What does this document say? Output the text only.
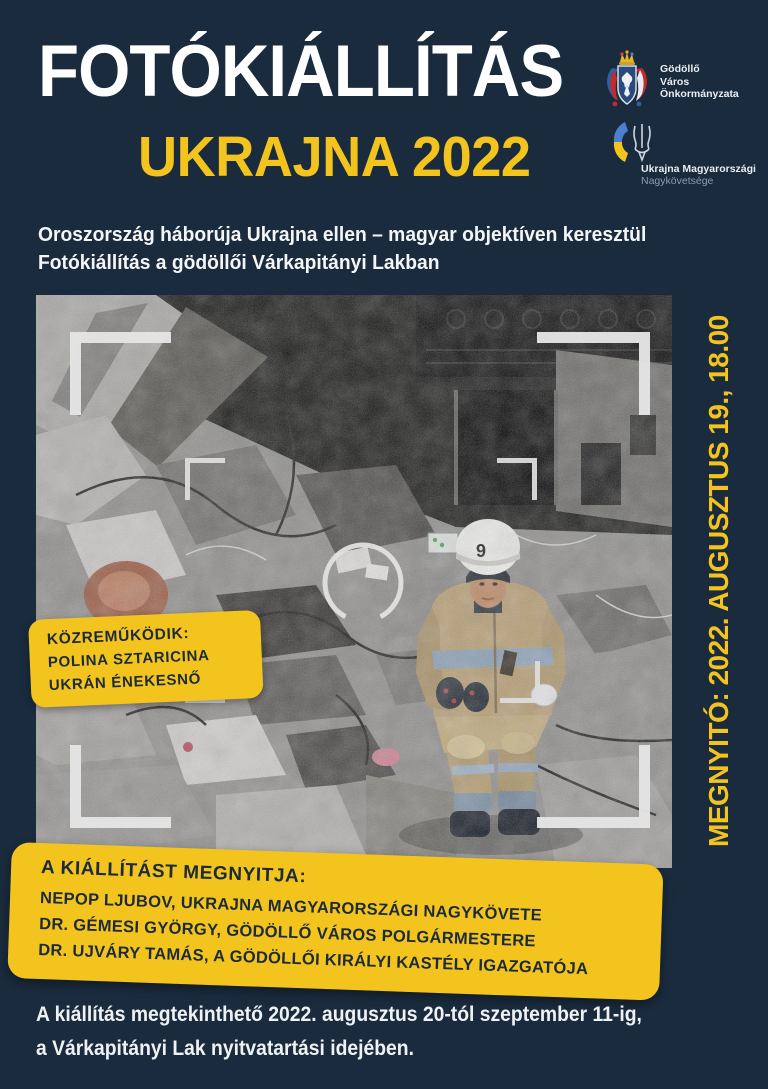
FOTÓKIÁLLÍTÁS
UKRAJNA 2022
Gödöllő
Város
Önkormányzata
Ukrajna Magyarországi
Nagykövetsége
Oroszország háborúja Ukrajna ellen – magyar objektíven keresztül
Fotókiállítás a gödöllői Várkapitányi Lakban
9	MEGNYITÓ: 2022. AUGUSZTUS 19., 18.00
KÖZREMŰKÖDIK:
POLINA SZTARICINA
UKRÁN ÉNEKESNŐ
A KIÁLLÍTÁST MEGNYITJA:
NEPOP LJUBOV, UKRAJNA MAGYARORSZÁGI NAGYKÖVETE
DR. GÉMESI GYÖRGY, GÖDÖLLŐ VÁROS POLGÁRMESTERE
DR. UJVÁRY TAMÁS, A GÖDÖLLŐI KIRÁLYI KASTÉLY IGAZGATÓJA
A kiállítás megtekinthető 2022. augusztus 20-tól szeptember 11-ig,
a Várkapitányi Lak nyitvatartási idejében.
